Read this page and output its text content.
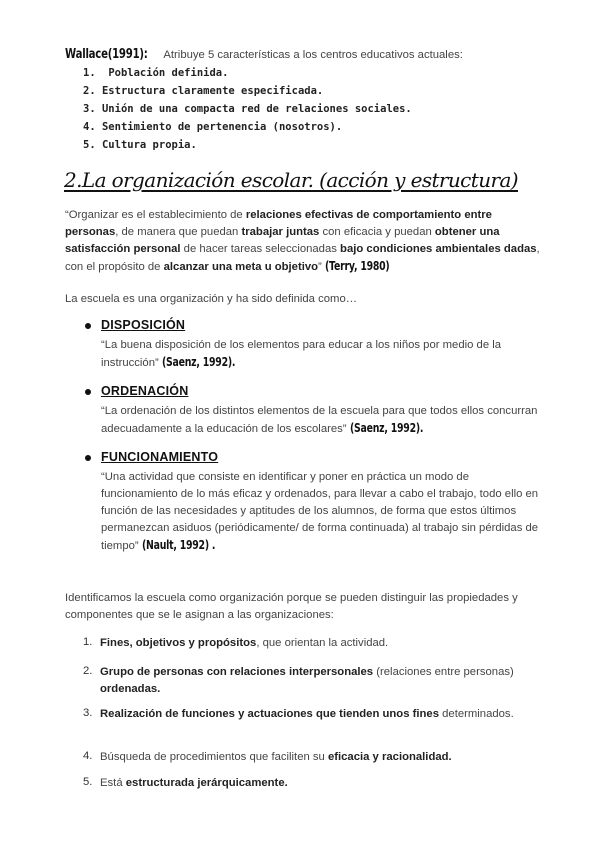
Wallace(1991): Atribuye 5 características a los centros educativos actuales:
1. Población definida.
2. Estructura claramente especificada.
3. Unión de una compacta red de relaciones sociales.
4. Sentimiento de pertenencia (nosotros).
5. Cultura propia.
2.La organización escolar. (acción y estructura)
“Organizar es el establecimiento de relaciones efectivas de comportamiento entre personas, de manera que puedan trabajar juntas con eficacia y puedan obtener una satisfacción personal de hacer tareas seleccionadas bajo condiciones ambientales dadas, con el propósito de alcanzar una meta u objetivo” (Terry, 1980)
La escuela es una organización y ha sido definida como…
DISPOSICIÓN
“La buena disposición de los elementos para educar a los niños por medio de la instrucción” (Saenz, 1992).
ORDENACIÓN
“La ordenación de los distintos elementos de la escuela para que todos ellos concurran adecuadamente a la educación de los escolares” (Saenz, 1992).
FUNCIONAMIENTO
“Una actividad que consiste en identificar y poner en práctica un modo de funcionamiento de lo más eficaz y ordenados, para llevar a cabo el trabajo, todo ello en función de las necesidades y aptitudes de los alumnos, de forma que estos últimos permanezcan asiduos (periódicamente/ de forma continuada) al trabajo sin pérdidas de tiempo” (Nault, 1992) .
Identificamos la escuela como organización porque se pueden distinguir las propiedades y componentes que se le asignan a las organizaciones:
1. Fines, objetivos y propósitos, que orientan la actividad.
2. Grupo de personas con relaciones interpersonales (relaciones entre personas) ordenadas.
3. Realización de funciones y actuaciones que tienden unos fines determinados.
4. Búsqueda de procedimientos que faciliten su eficacia y racionalidad.
5. Está estructurada jerárquicamente.
